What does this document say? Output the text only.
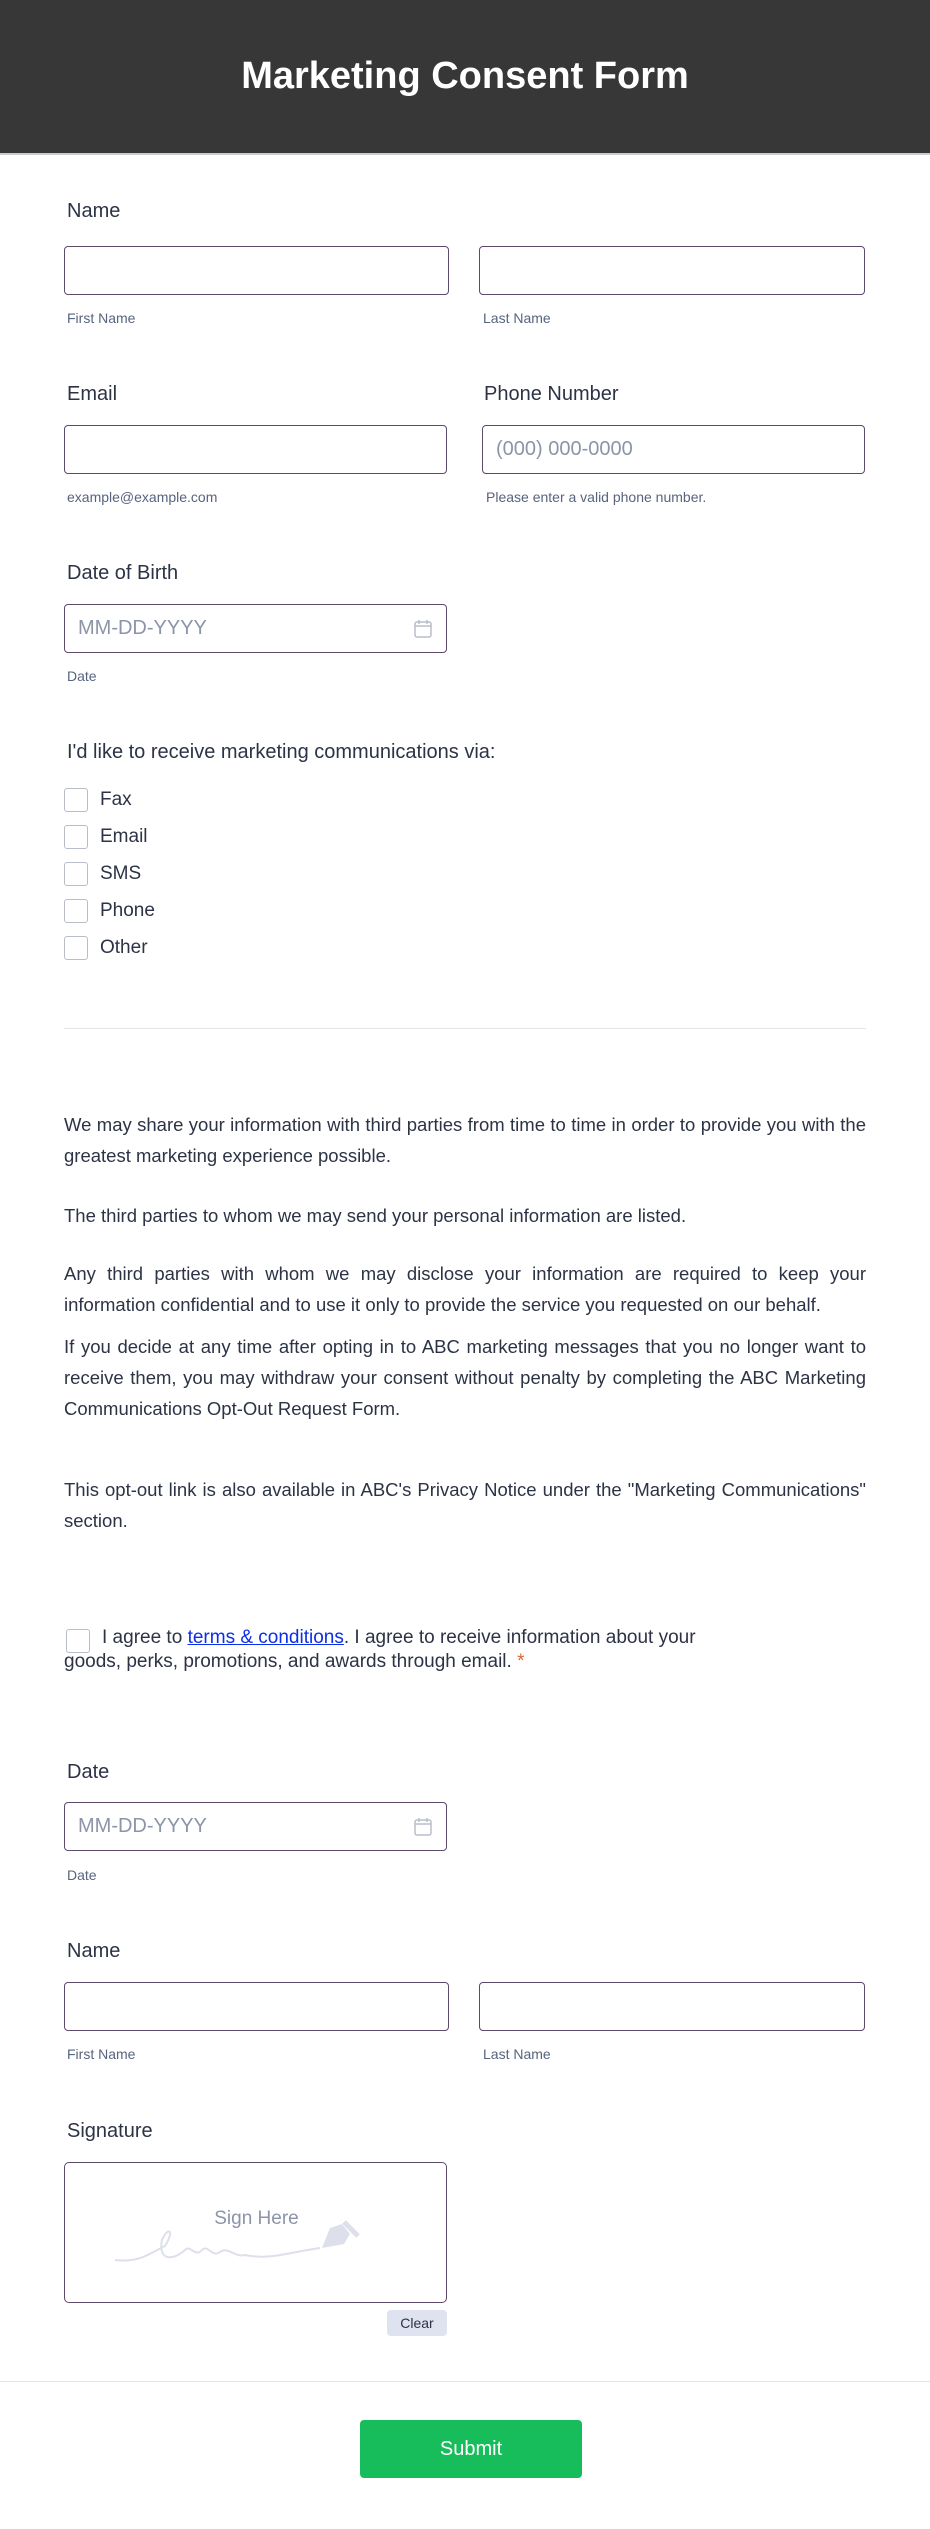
Marketing Consent Form
Name
First Name	Last Name
Email	Phone Number
(000) 000-0000
example@example.com	Please enter a valid phone number.
Date of Birth
MM-DD-YYYY
Date
I'd like to receive marketing communications via:
Fax
Email
SMS
Phone
Other
We may share your information with third parties from time to time in order to provide you with the greatest marketing experience possible.
The third parties to whom we may send your personal information are listed.
Any third parties with whom we may disclose your information are required to keep your information confidential and to use it only to provide the service you requested on our behalf.
If you decide at any time after opting in to ABC marketing messages that you no longer want to receive them, you may withdraw your consent without penalty by completing the ABC Marketing Communications Opt-Out Request Form.
This opt-out link is also available in ABC's Privacy Notice under the "Marketing Communications" section.
I agree to terms & conditions. I agree to receive information about your goods, perks, promotions, and awards through email. *
Date
MM-DD-YYYY
Date
Name
First Name	Last Name
Signature
Sign Here
Clear
Submit
